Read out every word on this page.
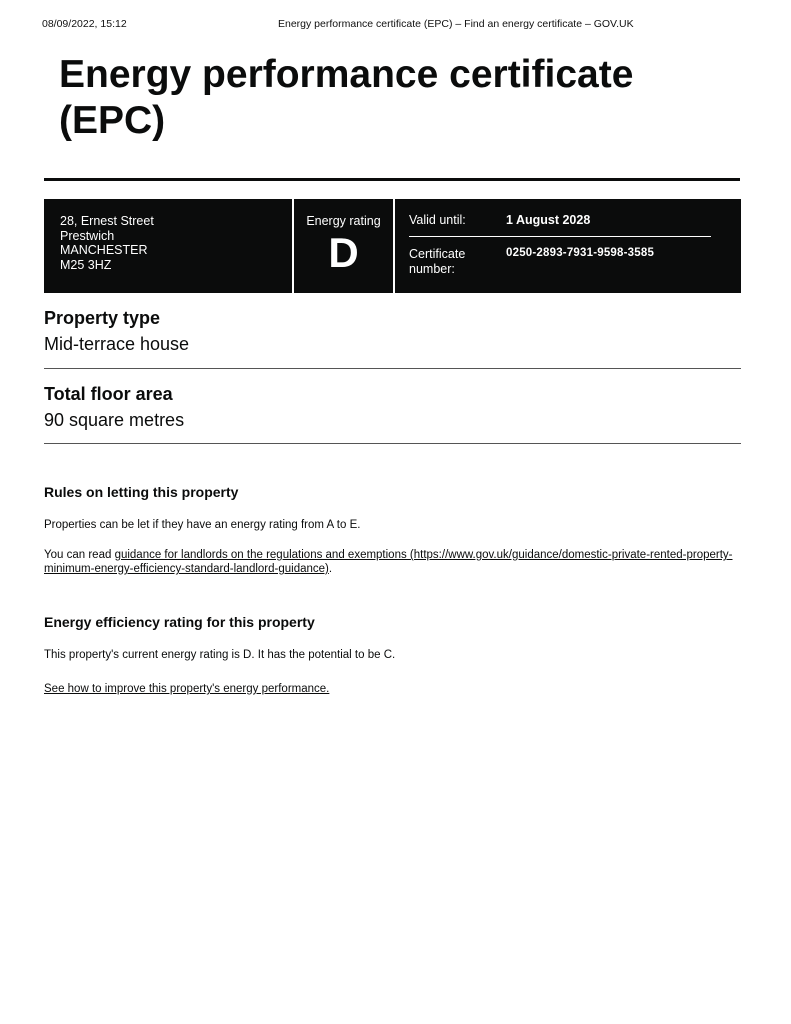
08/09/2022, 15:12	Energy performance certificate (EPC) – Find an energy certificate – GOV.UK
Energy performance certificate (EPC)
28, Ernest Street
Prestwich
MANCHESTER
M25 3HZ
Energy rating
D
Valid until:	1 August 2028
Certificate number:
0250-2893-7931-9598-3585
Property type
Mid-terrace house
Total floor area
90 square metres
Rules on letting this property

Properties can be let if they have an energy rating from A to E.

You can read guidance for landlords on the regulations and exemptions (https://www.gov.uk/guidance/domestic-private-rented-property-minimum-energy-efficiency-standard-landlord-guidance).

Energy efficiency rating for this property

This property's current energy rating is D. It has the potential to be C.

See how to improve this property's energy performance.
